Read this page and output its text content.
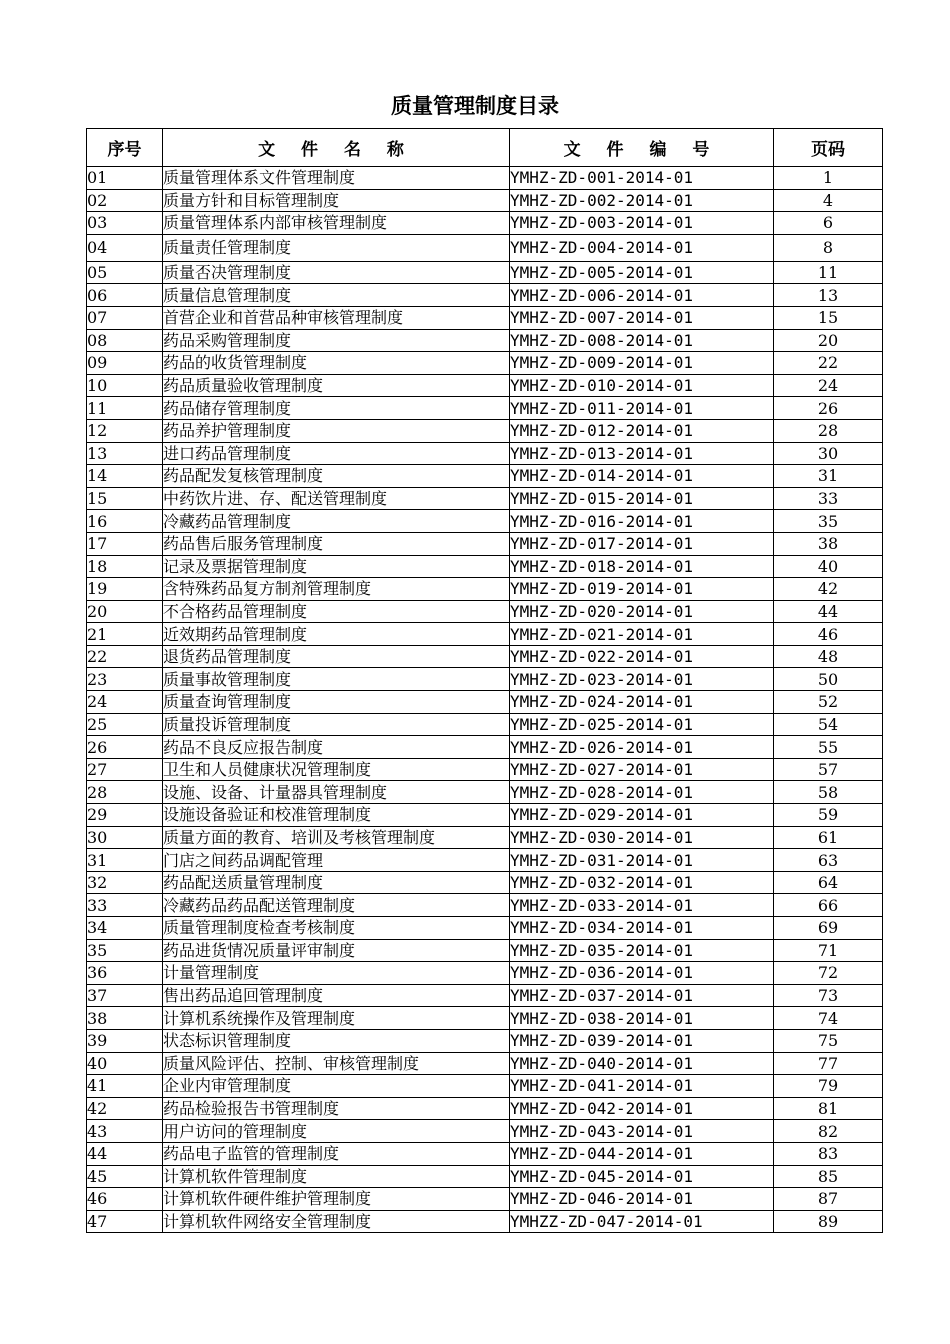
质量管理制度目录
序号	文 件 名 称	文 件 编 号	页码
01	质量管理体系文件管理制度	YMHZ-ZD-001-2014-01	1
02	质量方针和目标管理制度	YMHZ-ZD-002-2014-01	4
03	质量管理体系内部审核管理制度	YMHZ-ZD-003-2014-01	6
04	质量责任管理制度	YMHZ-ZD-004-2014-01	8
05	质量否决管理制度	YMHZ-ZD-005-2014-01	11
06	质量信息管理制度	YMHZ-ZD-006-2014-01	13
07	首营企业和首营品种审核管理制度	YMHZ-ZD-007-2014-01	15
08	药品采购管理制度	YMHZ-ZD-008-2014-01	20
09	药品的收货管理制度	YMHZ-ZD-009-2014-01	22
10	药品质量验收管理制度	YMHZ-ZD-010-2014-01	24
11	药品储存管理制度	YMHZ-ZD-011-2014-01	26
12	药品养护管理制度	YMHZ-ZD-012-2014-01	28
13	进口药品管理制度	YMHZ-ZD-013-2014-01	30
14	药品配发复核管理制度	YMHZ-ZD-014-2014-01	31
15	中药饮片进、存、配送管理制度	YMHZ-ZD-015-2014-01	33
16	冷藏药品管理制度	YMHZ-ZD-016-2014-01	35
17	药品售后服务管理制度	YMHZ-ZD-017-2014-01	38
18	记录及票据管理制度	YMHZ-ZD-018-2014-01	40
19	含特殊药品复方制剂管理制度	YMHZ-ZD-019-2014-01	42
20	不合格药品管理制度	YMHZ-ZD-020-2014-01	44
21	近效期药品管理制度	YMHZ-ZD-021-2014-01	46
22	退货药品管理制度	YMHZ-ZD-022-2014-01	48
23	质量事故管理制度	YMHZ-ZD-023-2014-01	50
24	质量查询管理制度	YMHZ-ZD-024-2014-01	52
25	质量投诉管理制度	YMHZ-ZD-025-2014-01	54
26	药品不良反应报告制度	YMHZ-ZD-026-2014-01	55
27	卫生和人员健康状况管理制度	YMHZ-ZD-027-2014-01	57
28	设施、设备、计量器具管理制度	YMHZ-ZD-028-2014-01	58
29	设施设备验证和校准管理制度	YMHZ-ZD-029-2014-01	59
30	质量方面的教育、培训及考核管理制度	YMHZ-ZD-030-2014-01	61
31	门店之间药品调配管理	YMHZ-ZD-031-2014-01	63
32	药品配送质量管理制度	YMHZ-ZD-032-2014-01	64
33	冷藏药品药品配送管理制度	YMHZ-ZD-033-2014-01	66
34	质量管理制度检查考核制度	YMHZ-ZD-034-2014-01	69
35	药品进货情况质量评审制度	YMHZ-ZD-035-2014-01	71
36	计量管理制度	YMHZ-ZD-036-2014-01	72
37	售出药品追回管理制度	YMHZ-ZD-037-2014-01	73
38	计算机系统操作及管理制度	YMHZ-ZD-038-2014-01	74
39	状态标识管理制度	YMHZ-ZD-039-2014-01	75
40	质量风险评估、控制、审核管理制度	YMHZ-ZD-040-2014-01	77
41	企业内审管理制度	YMHZ-ZD-041-2014-01	79
42	药品检验报告书管理制度	YMHZ-ZD-042-2014-01	81
43	用户访问的管理制度	YMHZ-ZD-043-2014-01	82
44	药品电子监管的管理制度	YMHZ-ZD-044-2014-01	83
45	计算机软件管理制度	YMHZ-ZD-045-2014-01	85
46	计算机软件硬件维护管理制度	YMHZ-ZD-046-2014-01	87
47	计算机软件网络安全管理制度	YMHZZ-ZD-047-2014-01	89
